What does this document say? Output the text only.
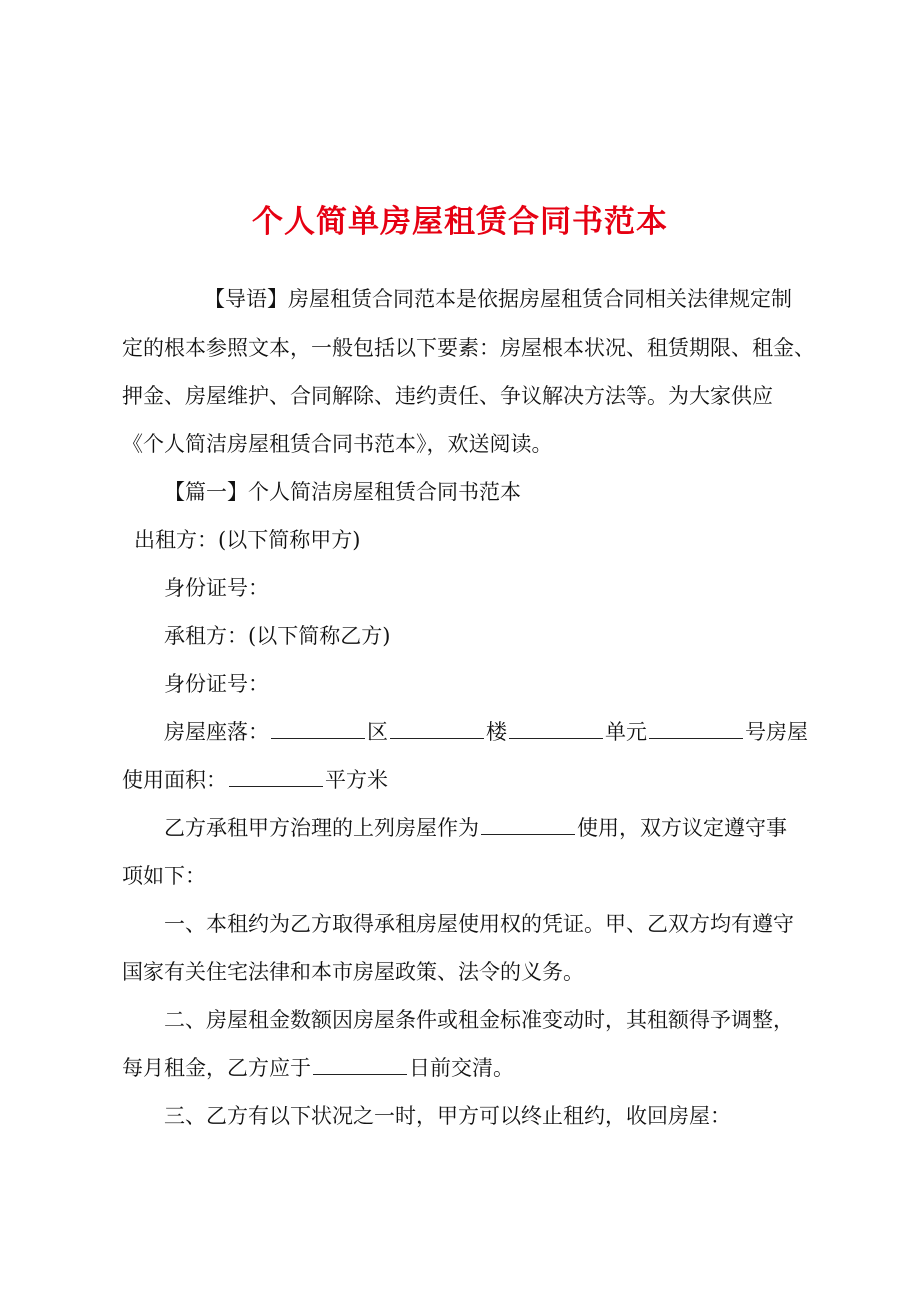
个人简单房屋租赁合同书范本
【导语】房屋租赁合同范本是依据房屋租赁合同相关法律规定制
定的根本参照文本，一般包括以下要素：房屋根本状况、租赁期限、租金、
押金、房屋维护、合同解除、违约责任、争议解决方法等。为大家供应
《个人简洁房屋租赁合同书范本》，欢送阅读。
【篇一】个人简洁房屋租赁合同书范本
出租方：(以下简称甲方)
身份证号：
承租方：(以下简称乙方)
身份证号：
房屋座落：	区	楼	单元	号房屋
使用面积：	平方米
乙方承租甲方治理的上列房屋作为	使用，双方议定遵守事
项如下：
一、本租约为乙方取得承租房屋使用权的凭证。甲、乙双方均有遵守
国家有关住宅法律和本市房屋政策、法令的义务。
二、房屋租金数额因房屋条件或租金标准变动时，其租额得予调整，
每月租金，乙方应于	日前交清。
三、乙方有以下状况之一时，甲方可以终止租约，收回房屋：
